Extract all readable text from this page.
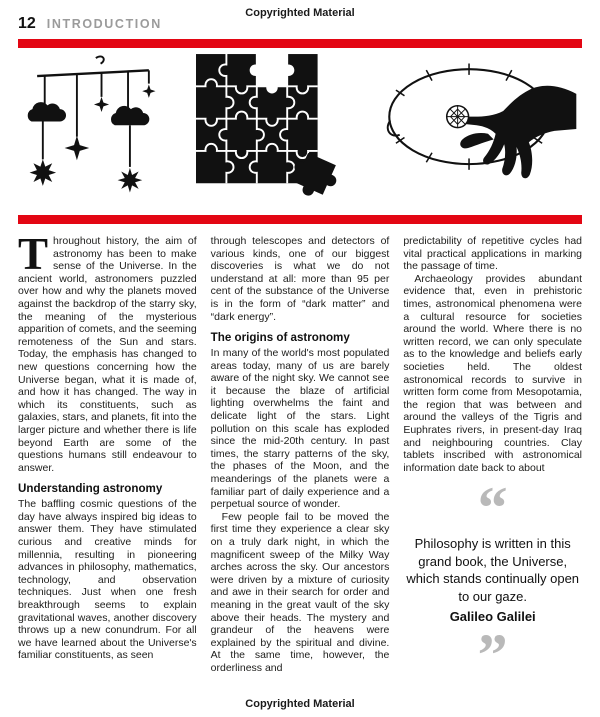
Copyrighted Material
12 INTRODUCTION

Throughout history, the aim of astronomy has been to make sense of the Universe. In the ancient world, astronomers puzzled over how and why the planets moved against the backdrop of the starry sky, the meaning of the mysterious apparition of comets, and the seeming remoteness of the Sun and stars. Today, the emphasis has changed to new questions concerning how the Universe began, what it is made of, and how it has changed. The way in which its constituents, such as galaxies, stars, and planets, fit into the larger picture and whether there is life beyond Earth are some of the questions humans still endeavour to answer.

Understanding astronomy

The baffling cosmic questions of the day have always inspired big ideas to answer them. They have stimulated curious and creative minds for millennia, resulting in pioneering advances in philosophy, mathematics, technology, and observation techniques. Just when one fresh breakthrough seems to explain gravitational waves, another discovery throws up a new conundrum. For all we have learned about the Universe's familiar constituents, as seen

through telescopes and detectors of various kinds, one of our biggest discoveries is what we do not understand at all: more than 95 per cent of the substance of the Universe is in the form of “dark matter” and “dark energy”.

The origins of astronomy

In many of the world's most populated areas today, many of us are barely aware of the night sky. We cannot see it because the blaze of artificial lighting overwhelms the faint and delicate light of the stars. Light pollution on this scale has exploded since the mid-20th century. In past times, the starry patterns of the sky, the phases of the Moon, and the meanderings of the planets were a familiar part of daily experience and a perpetual source of wonder.

Few people fail to be moved the first time they experience a clear sky on a truly dark night, in which the magnificent sweep of the Milky Way arches across the sky. Our ancestors were driven by a mixture of curiosity and awe in their search for order and meaning in the great vault of the sky above their heads. The mystery and grandeur of the heavens were explained by the spiritual and divine. At the same time, however, the orderliness and

predictability of repetitive cycles had vital practical applications in marking the passage of time.

Archaeology provides abundant evidence that, even in prehistoric times, astronomical phenomena were a cultural resource for societies around the world. Where there is no written record, we can only speculate as to the knowledge and beliefs early societies held. The oldest astronomical records to survive in written form come from Mesopotamia, the region that was between and around the valleys of the Tigris and Euphrates rivers, in present-day Iraq and neighbouring countries. Clay tablets inscribed with astronomical information date back to about

“
Philosophy is written in this grand book, the Universe, which stands continually open to our gaze.
Galileo Galilei
”
Copyrighted Material
